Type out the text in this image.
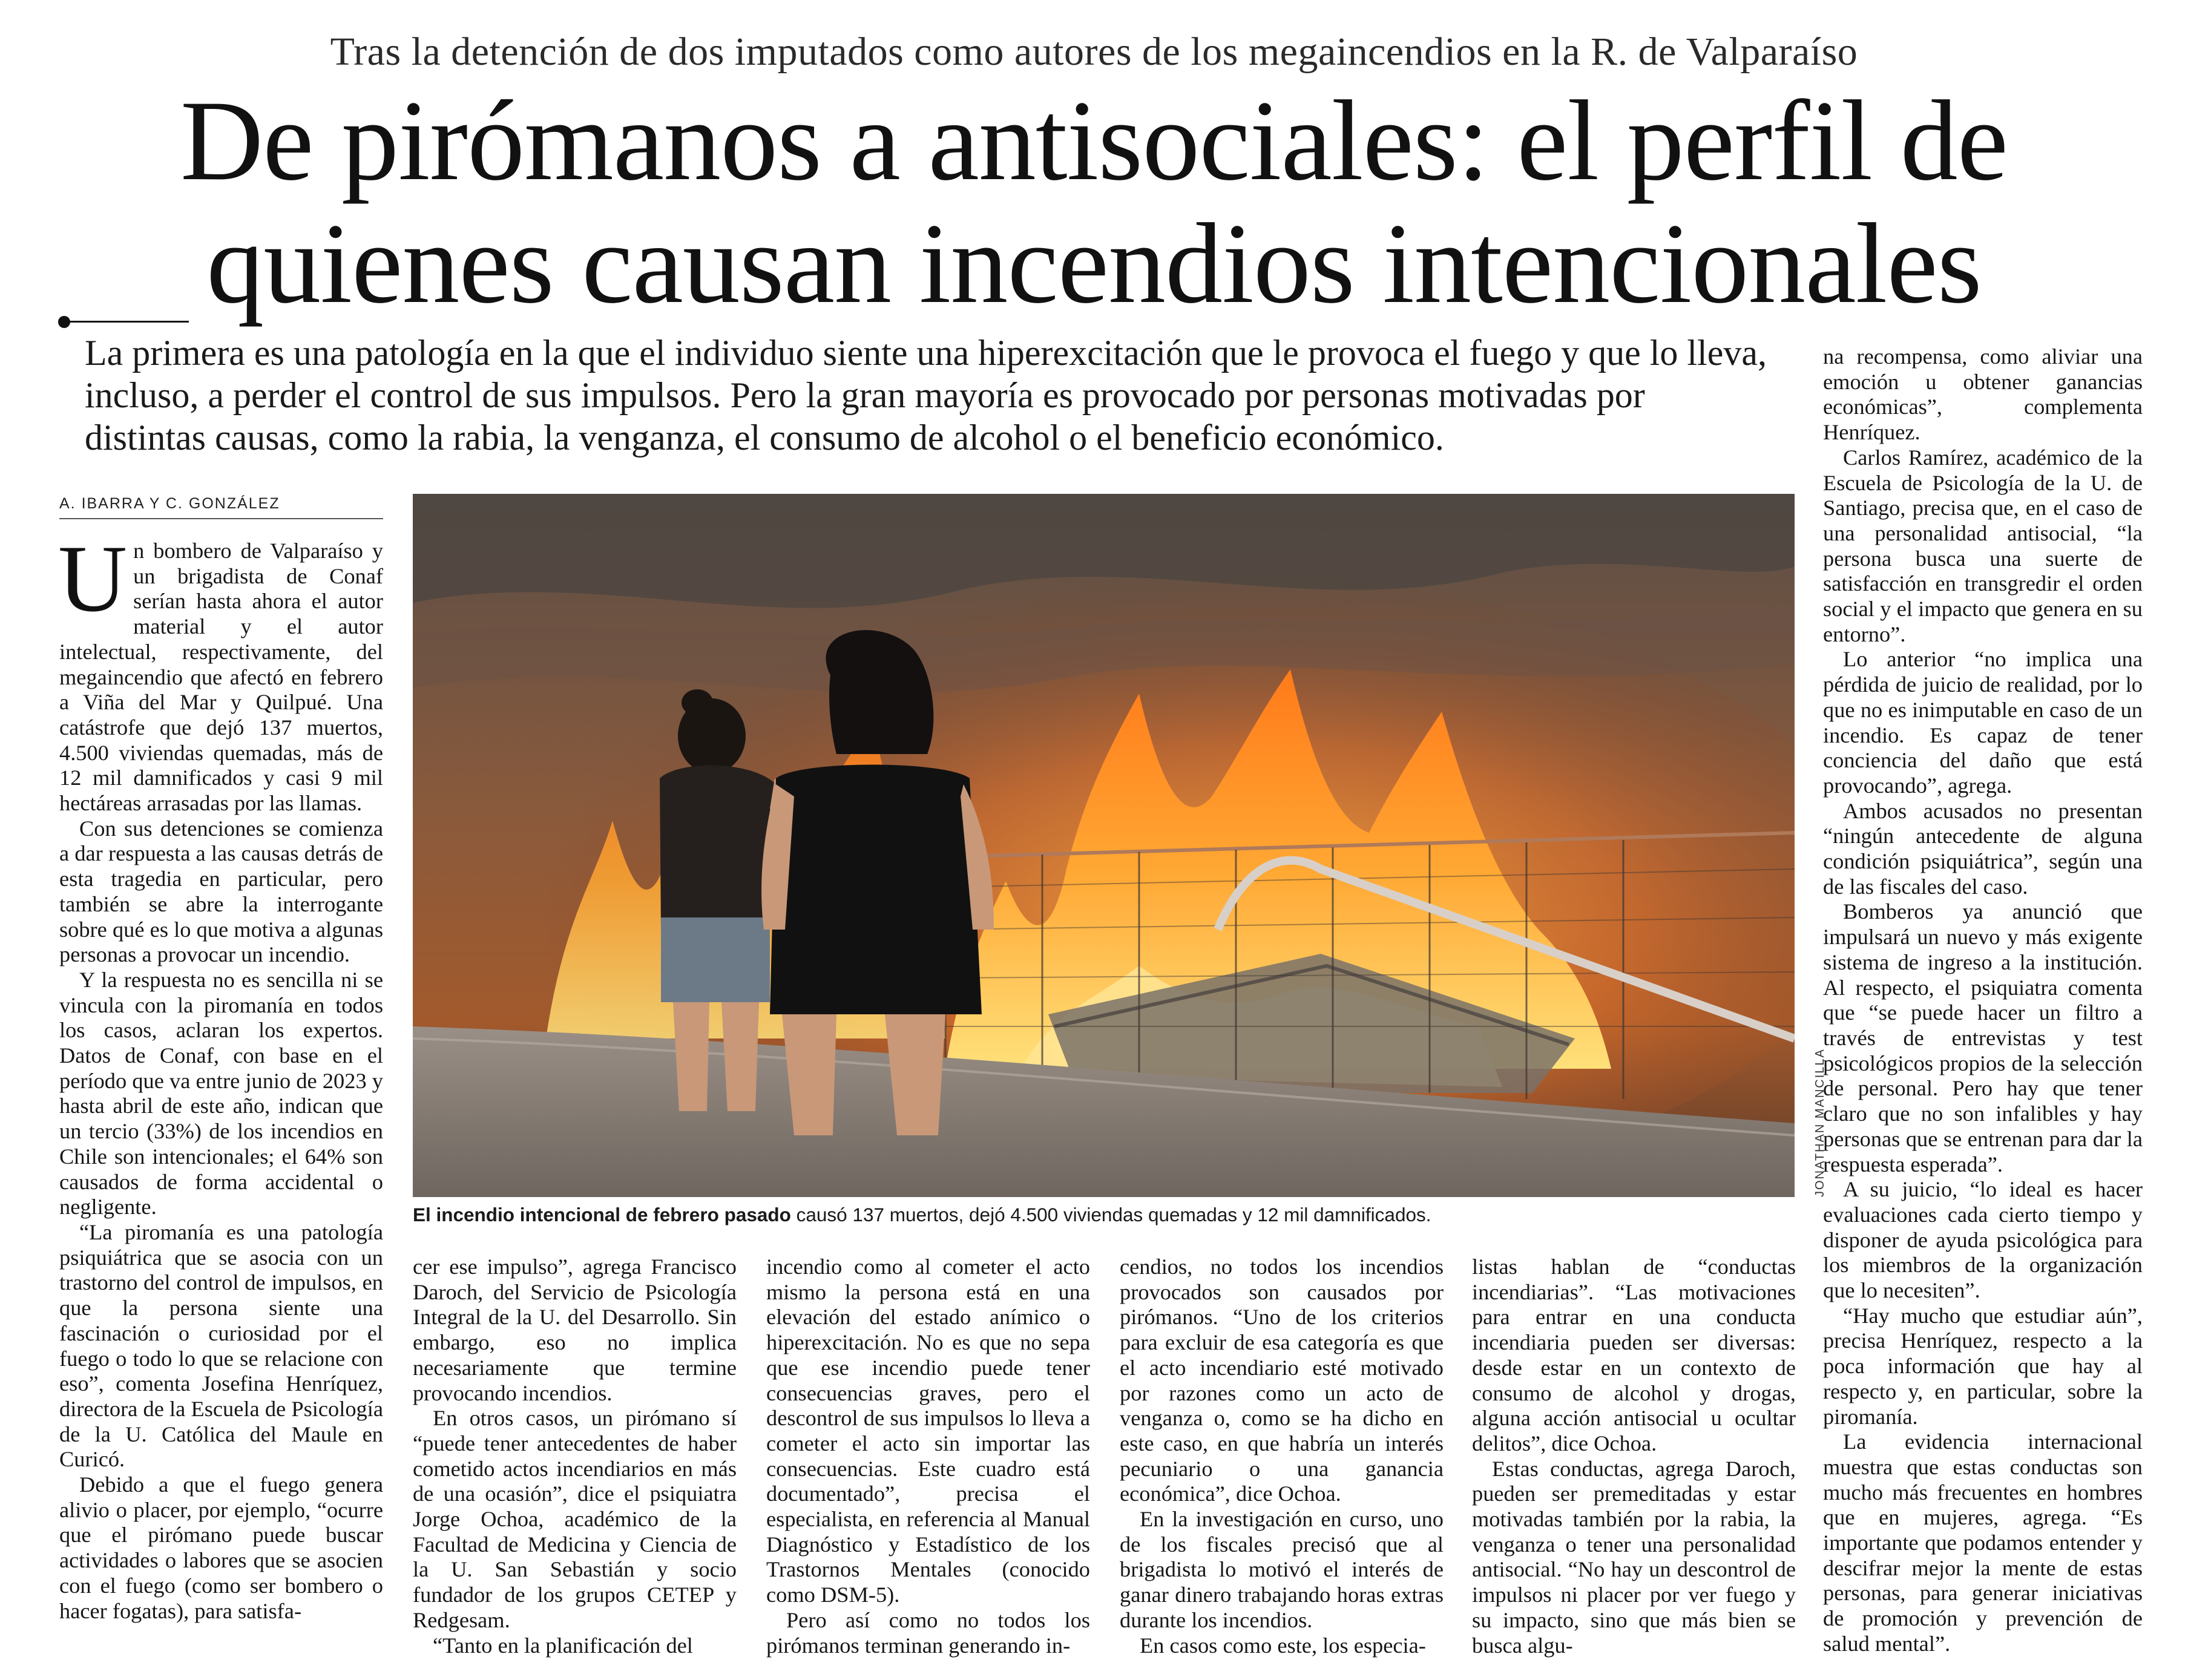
Tras la detención de dos imputados como autores de los megaincendios en la R. de Valparaíso
De pirómanos a antisociales: el perfil de
quienes causan incendios intencionales
La primera es una patología en la que el individuo siente una hiperexcitación que le provoca el fuego y que lo lleva, incluso, a perder el control de sus impulsos. Pero la gran mayoría es provocado por personas motivadas por distintas causas, como la rabia, la venganza, el consumo de alcohol o el beneficio económico.
A. IBARRA Y C. GONZÁLEZ

Un bombero de Valparaíso y un brigadista de Conaf serían hasta ahora el autor material y el autor intelectual, respectivamente, del megaincendio que afectó en febrero a Viña del Mar y Quilpué. Una catástrofe que dejó 137 muertos, 4.500 viviendas quemadas, más de 12 mil damnificados y casi 9 mil hectáreas arrasadas por las llamas.

Con sus detenciones se comienza a dar respuesta a las causas detrás de esta tragedia en particular, pero también se abre la interrogante sobre qué es lo que motiva a algunas personas a provocar un incendio.

Y la respuesta no es sencilla ni se vincula con la piromanía en todos los casos, aclaran los expertos. Datos de Conaf, con base en el período que va entre junio de 2023 y hasta abril de este año, indican que un tercio (33%) de los incendios en Chile son intencionales; el 64% son causados de forma accidental o negligente.

“La piromanía es una patología psiquiátrica que se asocia con un trastorno del control de impulsos, en que la persona siente una fascinación o curiosidad por el fuego o todo lo que se relacione con eso”, comenta Josefina Henríquez, directora de la Escuela de Psicología de la U. Católica del Maule en Curicó.

Debido a que el fuego genera alivio o placer, por ejemplo, “ocurre que el pirómano puede buscar actividades o labores que se asocien con el fuego (como ser bombero o hacer fogatas), para satisfa-

JONATHAN MANCILLA
El incendio intencional de febrero pasado causó 137 muertos, dejó 4.500 viviendas quemadas y 12 mil damnificados.

cer ese impulso”, agrega Francisco Daroch, del Servicio de Psicología Integral de la U. del Desarrollo. Sin embargo, eso no implica necesariamente que termine provocando incendios.

En otros casos, un pirómano sí “puede tener antecedentes de haber cometido actos incendiarios en más de una ocasión”, dice el psiquiatra Jorge Ochoa, académico de la Facultad de Medicina y Ciencia de la U. San Sebastián y socio fundador de los grupos CETEP y Redgesam.

“Tanto en la planificación del

incendio como al cometer el acto mismo la persona está en una elevación del estado anímico o hiperexcitación. No es que no sepa que ese incendio puede tener consecuencias graves, pero el descontrol de sus impulsos lo lleva a cometer el acto sin importar las consecuencias. Este cuadro está documentado”, precisa el especialista, en referencia al Manual Diagnóstico y Estadístico de los Trastornos Mentales (conocido como DSM-5).

Pero así como no todos los pirómanos terminan generando in-

cendios, no todos los incendios provocados son causados por pirómanos. “Uno de los criterios para excluir de esa categoría es que el acto incendiario esté motivado por razones como un acto de venganza o, como se ha dicho en este caso, en que habría un interés pecuniario o una ganancia económica”, dice Ochoa.

En la investigación en curso, uno de los fiscales precisó que al brigadista lo motivó el interés de ganar dinero trabajando horas extras durante los incendios.

En casos como este, los especia-

listas hablan de “conductas incendiarias”. “Las motivaciones para entrar en una conducta incendiaria pueden ser diversas: desde estar en un contexto de consumo de alcohol y drogas, alguna acción antisocial u ocultar delitos”, dice Ochoa.

Estas conductas, agrega Daroch, pueden ser premeditadas y estar motivadas también por la rabia, la venganza o tener una personalidad antisocial. “No hay un descontrol de impulsos ni placer por ver fuego y su impacto, sino que más bien se busca algu-

na recompensa, como aliviar una emoción u obtener ganancias económicas”, complementa Henríquez.

Carlos Ramírez, académico de la Escuela de Psicología de la U. de Santiago, precisa que, en el caso de una personalidad antisocial, “la persona busca una suerte de satisfacción en transgredir el orden social y el impacto que genera en su entorno”.

Lo anterior “no implica una pérdida de juicio de realidad, por lo que no es inimputable en caso de un incendio. Es capaz de tener conciencia del daño que está provocando”, agrega.

Ambos acusados no presentan “ningún antecedente de alguna condición psiquiátrica”, según una de las fiscales del caso.

Bomberos ya anunció que impulsará un nuevo y más exigente sistema de ingreso a la institución. Al respecto, el psiquiatra comenta que “se puede hacer un filtro a través de entrevistas y test psicológicos propios de la selección de personal. Pero hay que tener claro que no son infalibles y hay personas que se entrenan para dar la respuesta esperada”.

A su juicio, “lo ideal es hacer evaluaciones cada cierto tiempo y disponer de ayuda psicológica para los miembros de la organización que lo necesiten”.

“Hay mucho que estudiar aún”, precisa Henríquez, respecto a la poca información que hay al respecto y, en particular, sobre la piromanía.

La evidencia internacional muestra que estas conductas son mucho más frecuentes en hombres que en mujeres, agrega. “Es importante que podamos entender y descifrar mejor la mente de estas personas, para generar iniciativas de promoción y prevención de salud mental”.
